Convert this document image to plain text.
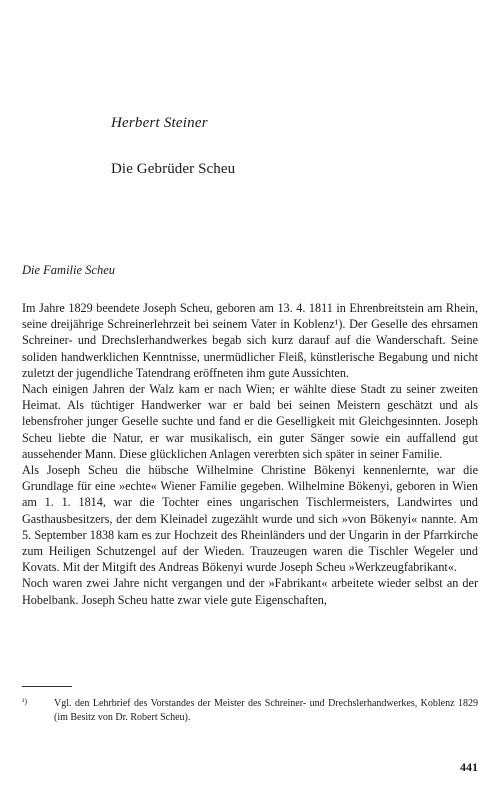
Herbert Steiner
Die Gebrüder Scheu
Die Familie Scheu

Im Jahre 1829 beendete Joseph Scheu, geboren am 13. 4. 1811 in Ehrenbreitstein am Rhein, seine dreijährige Schreinerlehrzeit bei seinem Vater in Koblenz¹). Der Geselle des ehrsamen Schreiner- und Drechslerhandwerkes begab sich kurz darauf auf die Wanderschaft. Seine soliden handwerklichen Kenntnisse, unermüdlicher Fleiß, künstlerische Begabung und nicht zuletzt der jugendliche Tatendrang eröffneten ihm gute Aussichten.

Nach einigen Jahren der Walz kam er nach Wien; er wählte diese Stadt zu seiner zweiten Heimat. Als tüchtiger Handwerker war er bald bei seinen Meistern geschätzt und als lebensfroher junger Geselle suchte und fand er die Geselligkeit mit Gleichgesinnten. Joseph Scheu liebte die Natur, er war musikalisch, ein guter Sänger sowie ein auffallend gut aussehender Mann. Diese glücklichen Anlagen vererbten sich später in seiner Familie.

Als Joseph Scheu die hübsche Wilhelmine Christine Bökenyi kennenlernte, war die Grundlage für eine »echte« Wiener Familie gegeben. Wilhelmine Bökenyi, geboren in Wien am 1. 1. 1814, war die Tochter eines ungarischen Tischlermeisters, Landwirtes und Gasthausbesitzers, der dem Kleinadel zugezählt wurde und sich »von Bökenyi« nannte. Am 5. September 1838 kam es zur Hochzeit des Rheinländers und der Ungarin in der Pfarrkirche zum Heiligen Schutzengel auf der Wieden. Trauzeugen waren die Tischler Wegeler und Kovats. Mit der Mitgift des Andreas Bökenyi wurde Joseph Scheu »Werkzeugfabrikant«.

Noch waren zwei Jahre nicht vergangen und der »Fabrikant« arbeitete wieder selbst an der Hobelbank. Joseph Scheu hatte zwar viele gute Eigenschaften,

¹)	Vgl. den Lehrbrief des Vorstandes der Meister des Schreiner- und Drechslerhandwerkes, Koblenz 1829 (im Besitz von Dr. Robert Scheu).
441
